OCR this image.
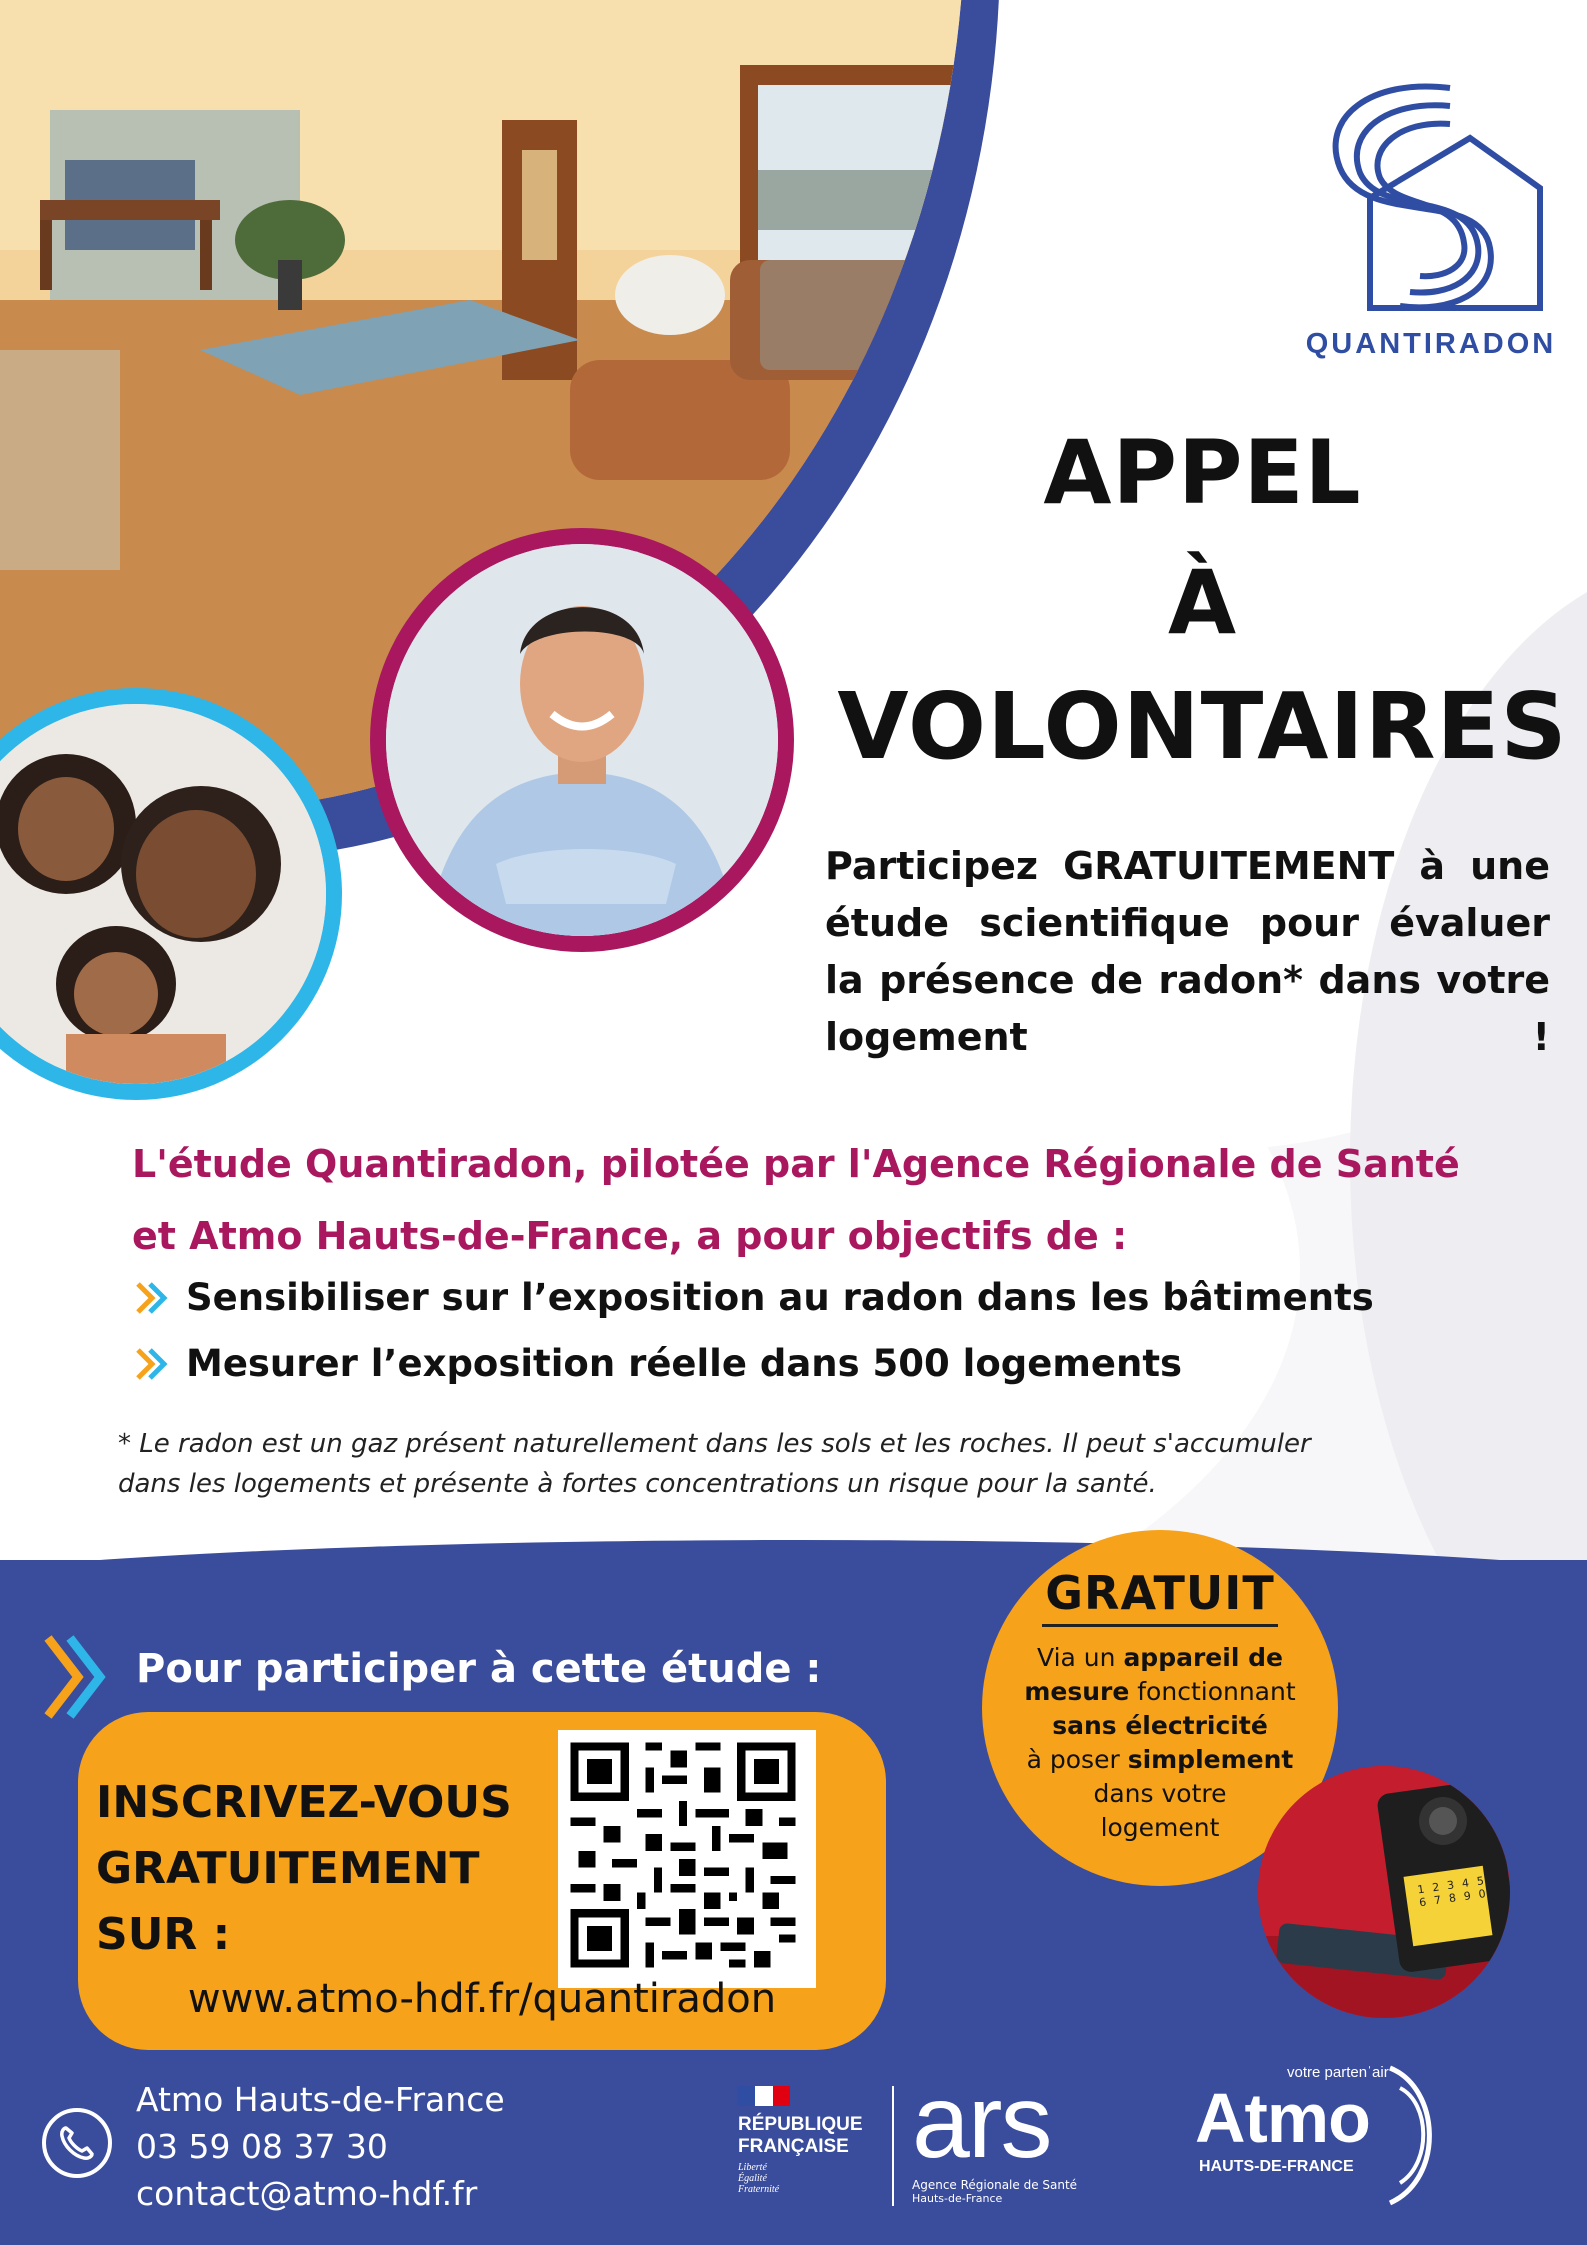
QUANTIRADON
APPEL
À
VOLONTAIRES
Participez GRATUITEMENT à une étude scientifique pour évaluer la présence de radon* dans votre logement !
L'étude Quantiradon, pilotée par l'Agence Régionale de Santé
et Atmo Hauts-de-France, a pour objectifs de :
Sensibiliser sur l’exposition au radon dans les bâtiments
Mesurer l’exposition réelle dans 500 logements
* Le radon est un gaz présent naturellement dans les sols et les roches. Il peut s'accumuler
dans les logements et présente à fortes concentrations un risque pour la santé.
Pour participer à cette étude :
INSCRIVEZ-VOUS
GRATUITEMENT
SUR :
www.atmo-hdf.fr/quantiradon
GRATUIT
Via un appareil de
mesure fonctionnant
sans électricité
à poser simplement
dans votre
logement
1 2 3 4 5
6 7 8 9 0
Atmo Hauts-de-France
03 59 08 37 30
contact@atmo-hdf.fr
RÉPUBLIQUE
FRANÇAISE
Liberté
Égalité
Fraternité
ars
Agence Régionale de Santé
Hauts-de-France
votre partenˈair
Atmo
HAUTS-DE-FRANCE
